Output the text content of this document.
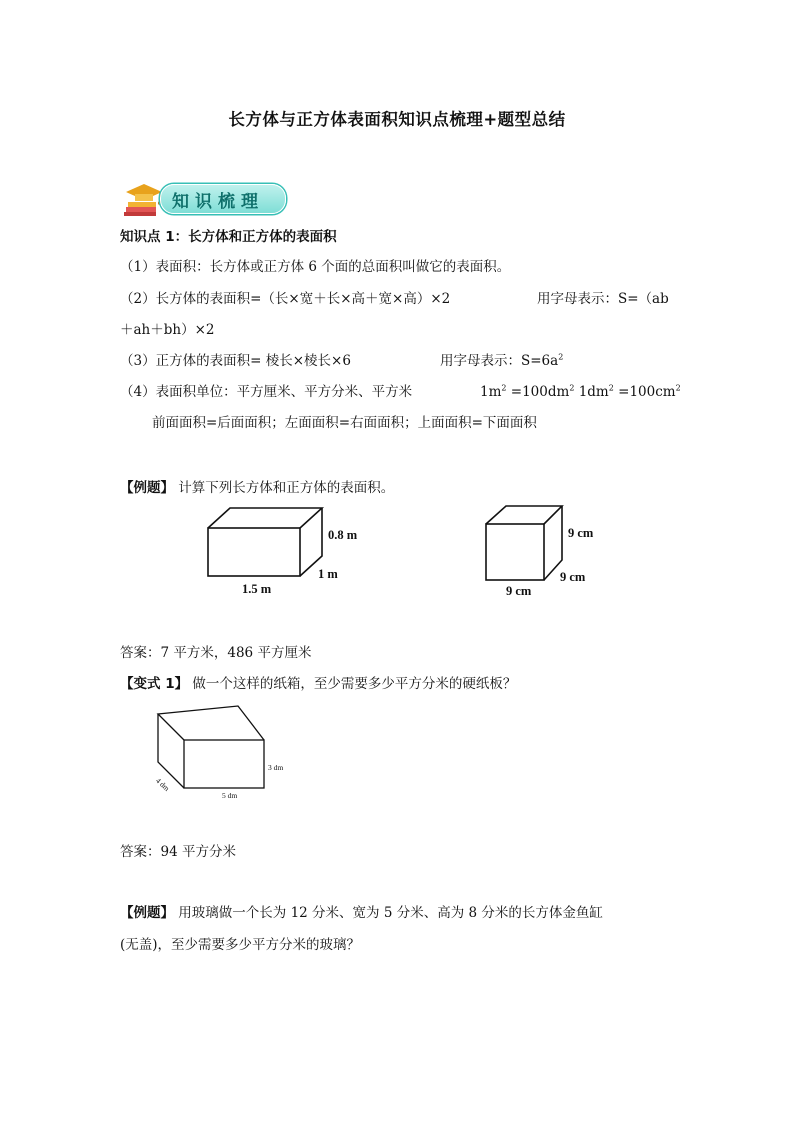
长方体与正方体表面积知识点梳理+题型总结
知识梳理
知识点 1：长方体和正方体的表面积
（1）表面积：长方体或正方体 6 个面的总面积叫做它的表面积。
（2）长方体的表面积=（长×宽＋长×高＋宽×高）×2	用字母表示：S=（ab
＋ah＋bh）×2
（3）正方体的表面积= 棱长×棱长×6	用字母表示：$S=6a^2$
（4）表面积单位：平方厘米、平方分米、平方米	$1m^2 =100dm^2$ $1dm^2 =100cm^2$
前面面积=后面面积；左面面积=右面面积；上面面积=下面面积
【例题】 计算下列长方体和正方体的表面积。
0.8 m
1 m
1.5 m
9 cm
9 cm
9 cm
答案：7 平方米，486 平方厘米
【变式 1】 做一个这样的纸箱，至少需要多少平方分米的硬纸板？
3 dm
4 dm
5 dm
答案：94 平方分米
【例题】 用玻璃做一个长为 12 分米、宽为 5 分米、高为 8 分米的长方体金鱼缸
(无盖)，至少需要多少平方分米的玻璃？
